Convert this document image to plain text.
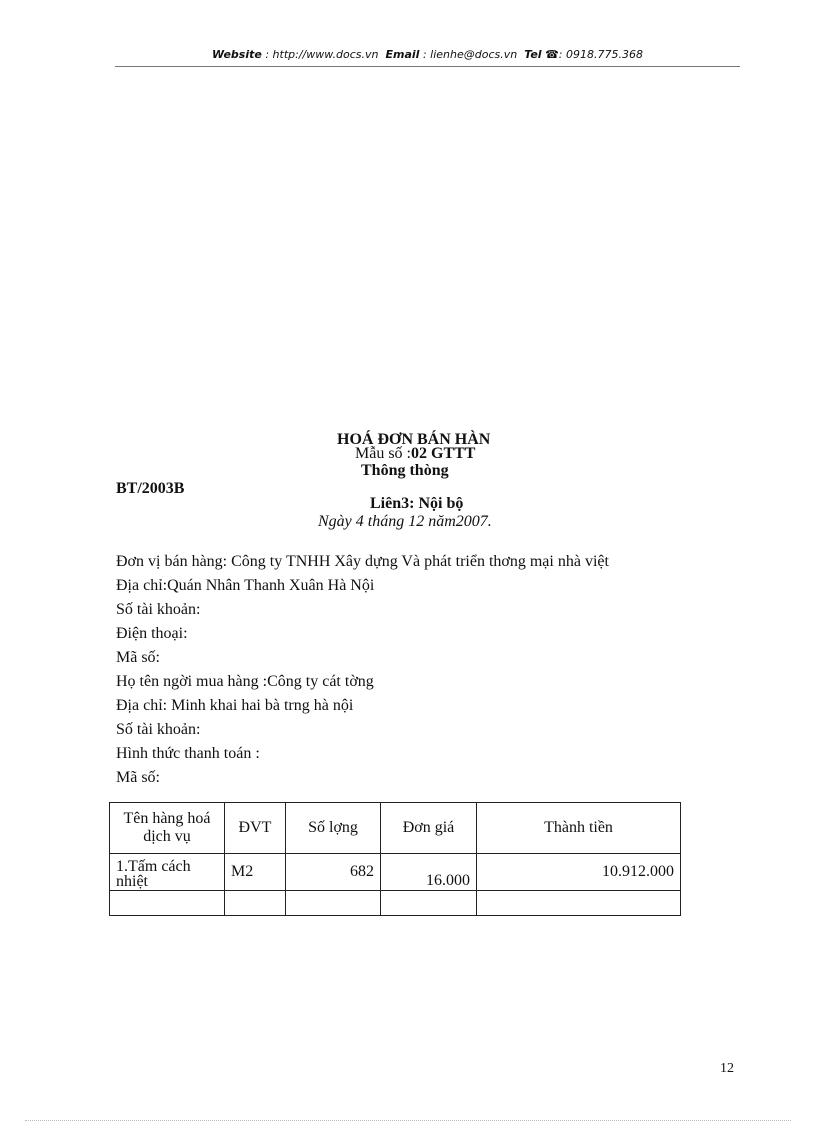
Website : http://www.docs.vn Email : lienhe@docs.vn Tel ☎: 0918.775.368
HOÁ ĐƠN BÁN HÀN
Mẫu số :02 GTTT
Thông thòng
BT/2003B
Liên3: Nội bộ
Ngày 4 tháng 12 năm2007.
Đơn vị bán hàng: Công ty TNHH Xây dựng Và phát triển thơng mại nhà việt
Địa chỉ:Quán Nhân Thanh Xuân Hà Nội
Số tài khoản:
Điện thoại:
Mã số:
Họ tên ngời mua hàng :Công ty cát tờng
Địa chỉ: Minh khai hai bà trng hà nội
Số tài khoản:
Hình thức thanh toán :
Mã số:
Tên hàng hoá dịch vụ	ĐVT	Số lợng	Đơn giá	Thành tiền
1.Tấm cách nhiệt	M2	682	16.000	10.912.000

12
